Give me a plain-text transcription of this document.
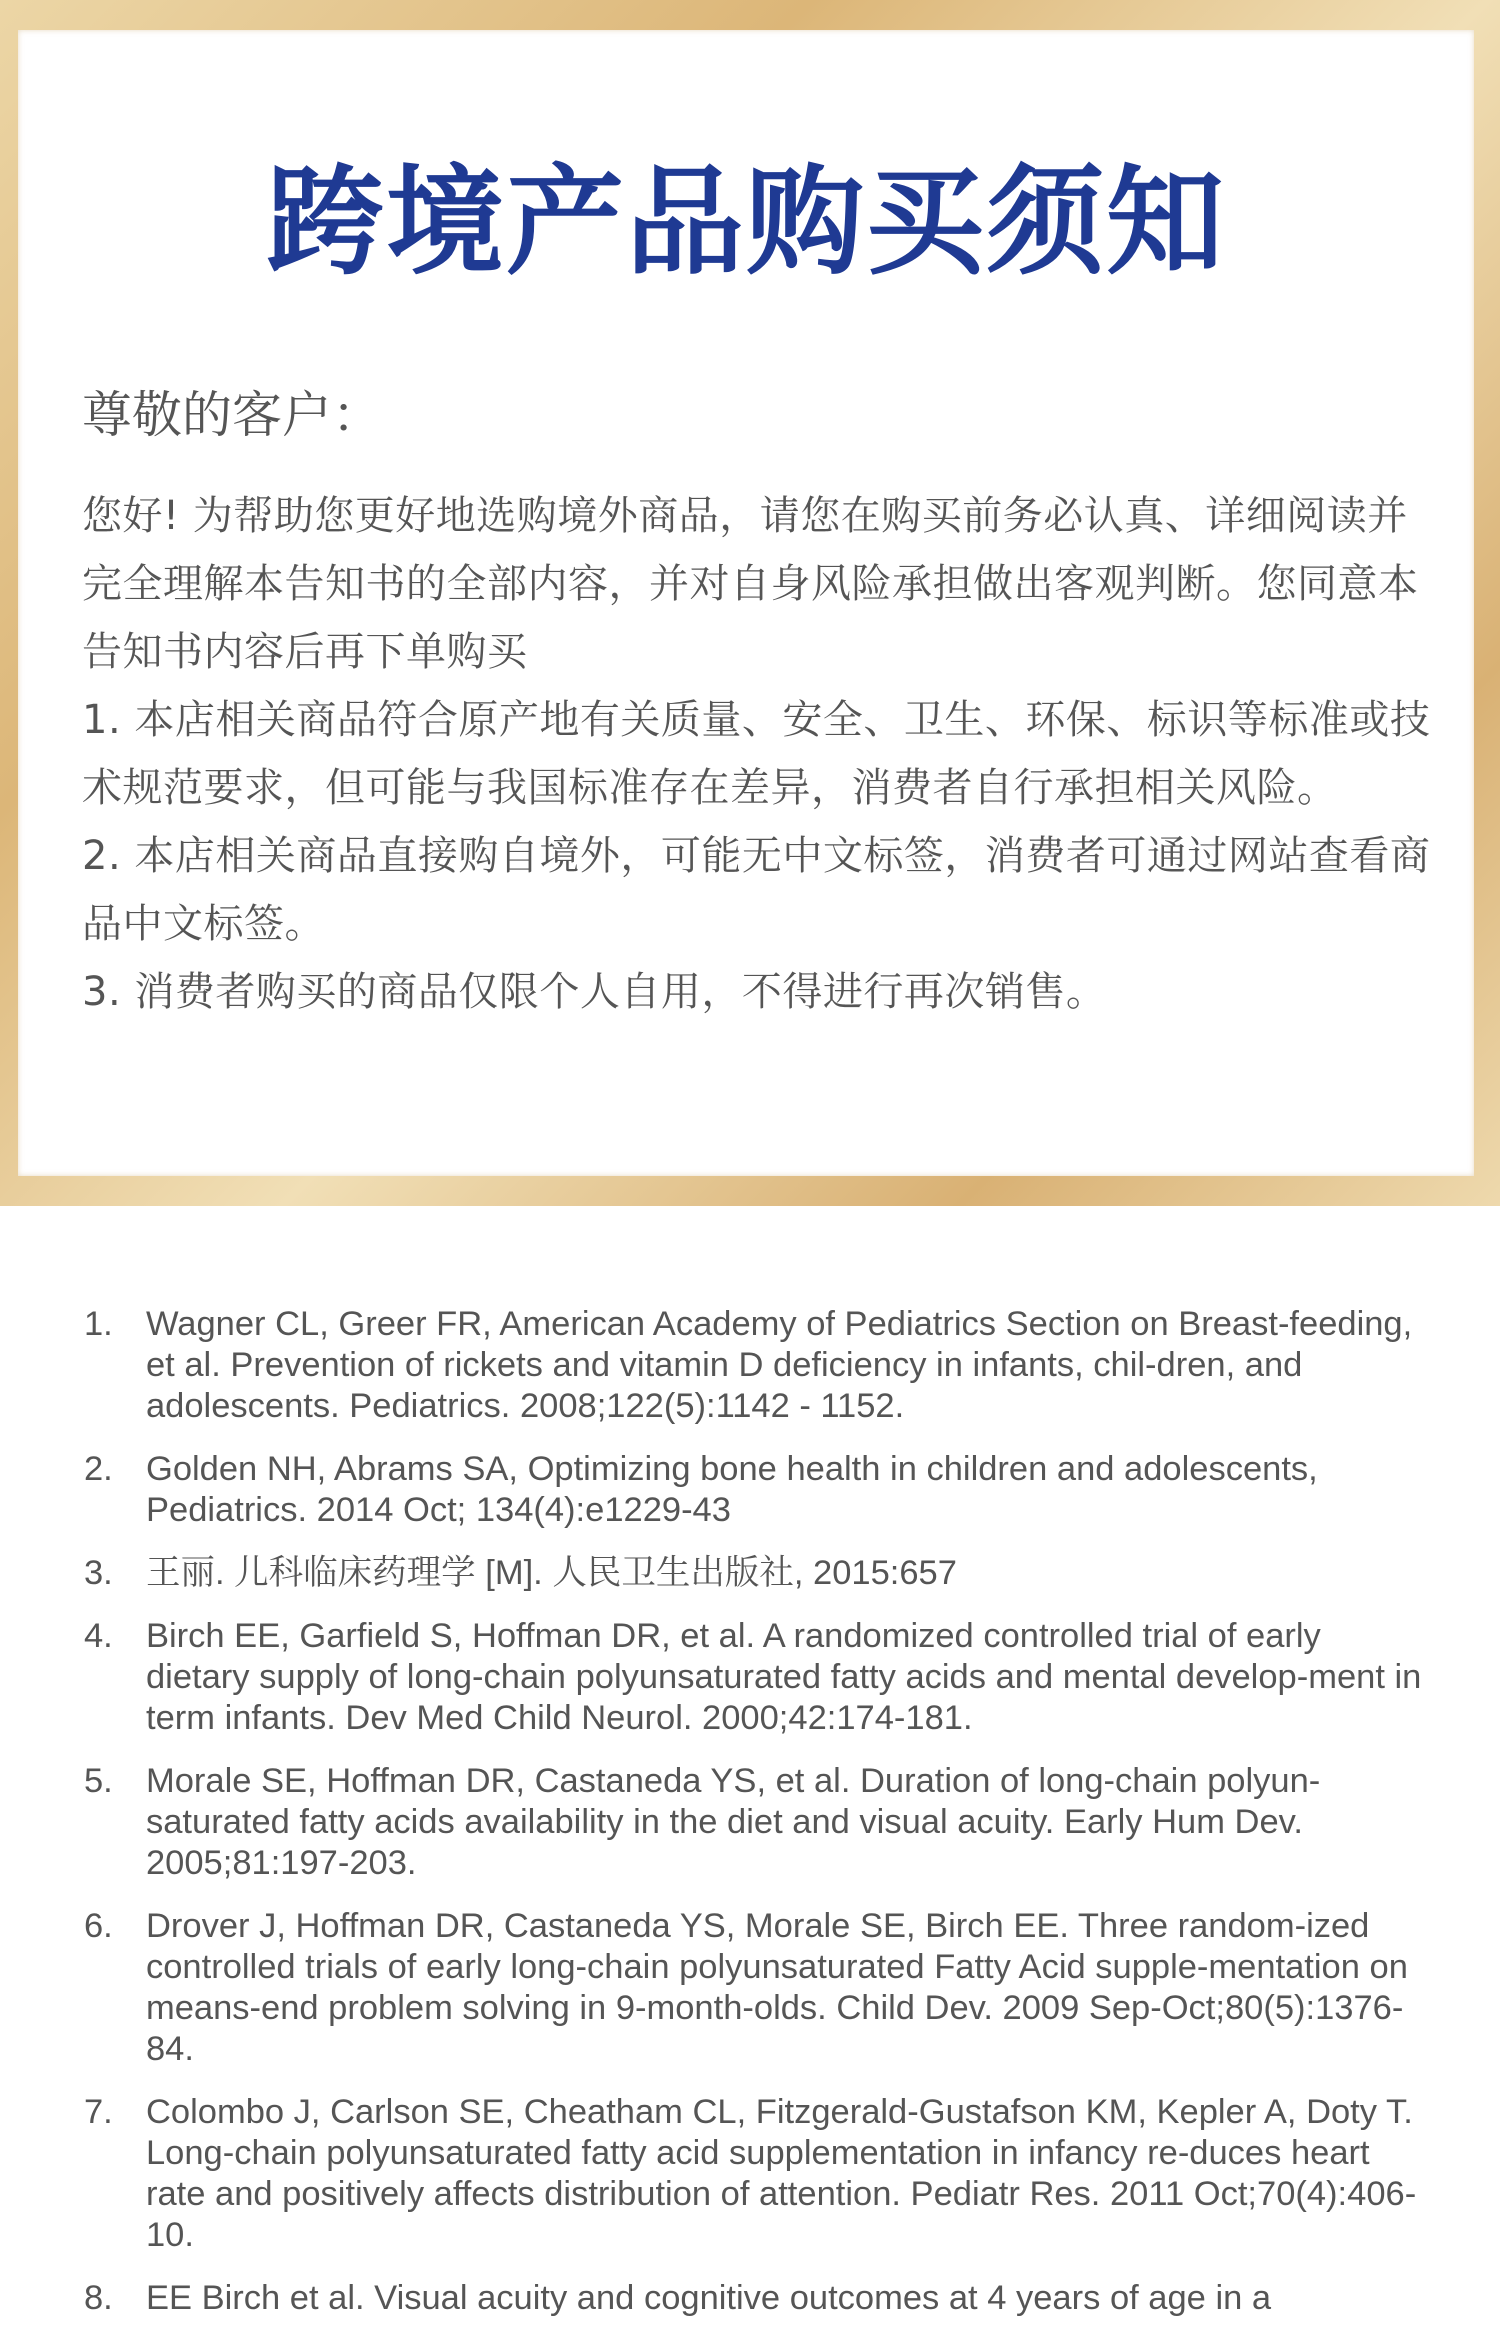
跨境产品购买须知
尊敬的客户：

您好! 为帮助您更好地选购境外商品，请您在购买前务必认真、详细阅读并完全理解本告知书的全部内容，并对自身风险承担做出客观判断。您同意本告知书内容后再下单购买

1. 本店相关商品符合原产地有关质量、安全、卫生、环保、标识等标准或技术规范要求，但可能与我国标准存在差异，消费者自行承担相关风险。

2. 本店相关商品直接购自境外，可能无中文标签，消费者可通过网站查看商品中文标签。

3. 消费者购买的商品仅限个人自用，不得进行再次销售。

1. Wagner CL, Greer FR, American Academy of Pediatrics Section on Breast-feeding, et al. Prevention of rickets and vitamin D deficiency in infants, chil-dren, and adolescents. Pediatrics. 2008;122(5):1142 - 1152.
2. Golden NH, Abrams SA, Optimizing bone health in children and adolescents, Pediatrics. 2014 Oct; 134(4):e1229-43
3. 王丽. 儿科临床药理学 [M]. 人民卫生出版社, 2015:657
4. Birch EE, Garfield S, Hoffman DR, et al. A randomized controlled trial of early dietary supply of long-chain polyunsaturated fatty acids and mental develop-ment in term infants. Dev Med Child Neurol. 2000;42:174-181.
5. Morale SE, Hoffman DR, Castaneda YS, et al. Duration of long-chain polyun-saturated fatty acids availability in the diet and visual acuity. Early Hum Dev. 2005;81:197-203.
6. Drover J, Hoffman DR, Castaneda YS, Morale SE, Birch EE. Three random-ized controlled trials of early long-chain polyunsaturated Fatty Acid supple-mentation on means-end problem solving in 9-month-olds. Child Dev. 2009 Sep-Oct;80(5):1376-84.
7. Colombo J, Carlson SE, Cheatham CL, Fitzgerald-Gustafson KM, Kepler A, Doty T. Long-chain polyunsaturated fatty acid supplementation in infancy re-duces heart rate and positively affects distribution of attention. Pediatr Res. 2011 Oct;70(4):406-10.
8. EE Birch et al. Visual acuity and cognitive outcomes at 4 years of age in a
